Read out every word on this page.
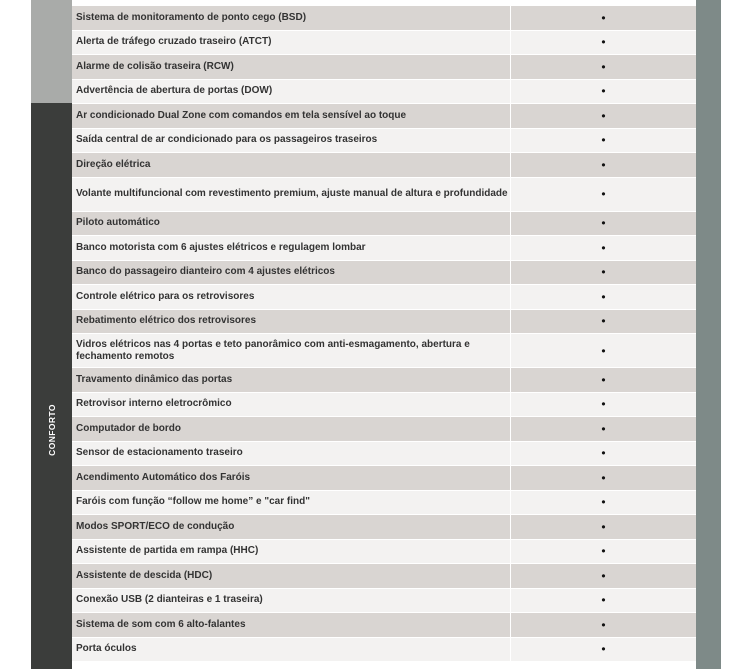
CONFORTO
Sistema de monitoramento de ponto cego (BSD)	•
Alerta de tráfego cruzado traseiro (ATCT)	•
Alarme de colisão traseira (RCW)	•
Advertência de abertura de portas (DOW)	•
Ar condicionado Dual Zone com comandos em tela sensível ao toque	•
Saída central de ar condicionado para os passageiros traseiros	•
Direção elétrica	•
Volante multifuncional com revestimento premium, ajuste manual de altura e profundidade	•
Piloto automático	•
Banco motorista com 6 ajustes elétricos e regulagem lombar	•
Banco do passageiro dianteiro com 4 ajustes elétricos	•
Controle elétrico para os retrovisores	•
Rebatimento elétrico dos retrovisores	•
Vidros elétricos nas 4 portas e teto panorâmico com anti-esmagamento, abertura e fechamento remotos	•
Travamento dinâmico das portas	•
Retrovisor interno eletrocrômico	•
Computador de bordo	•
Sensor de estacionamento traseiro	•
Acendimento Automático dos Faróis	•
Faróis com função “follow me home” e "car find"	•
Modos SPORT/ECO de condução	•
Assistente de partida em rampa (HHC)	•
Assistente de descida (HDC)	•
Conexão USB (2 dianteiras e 1 traseira)	•
Sistema de som com 6 alto-falantes	•
Porta óculos	•
